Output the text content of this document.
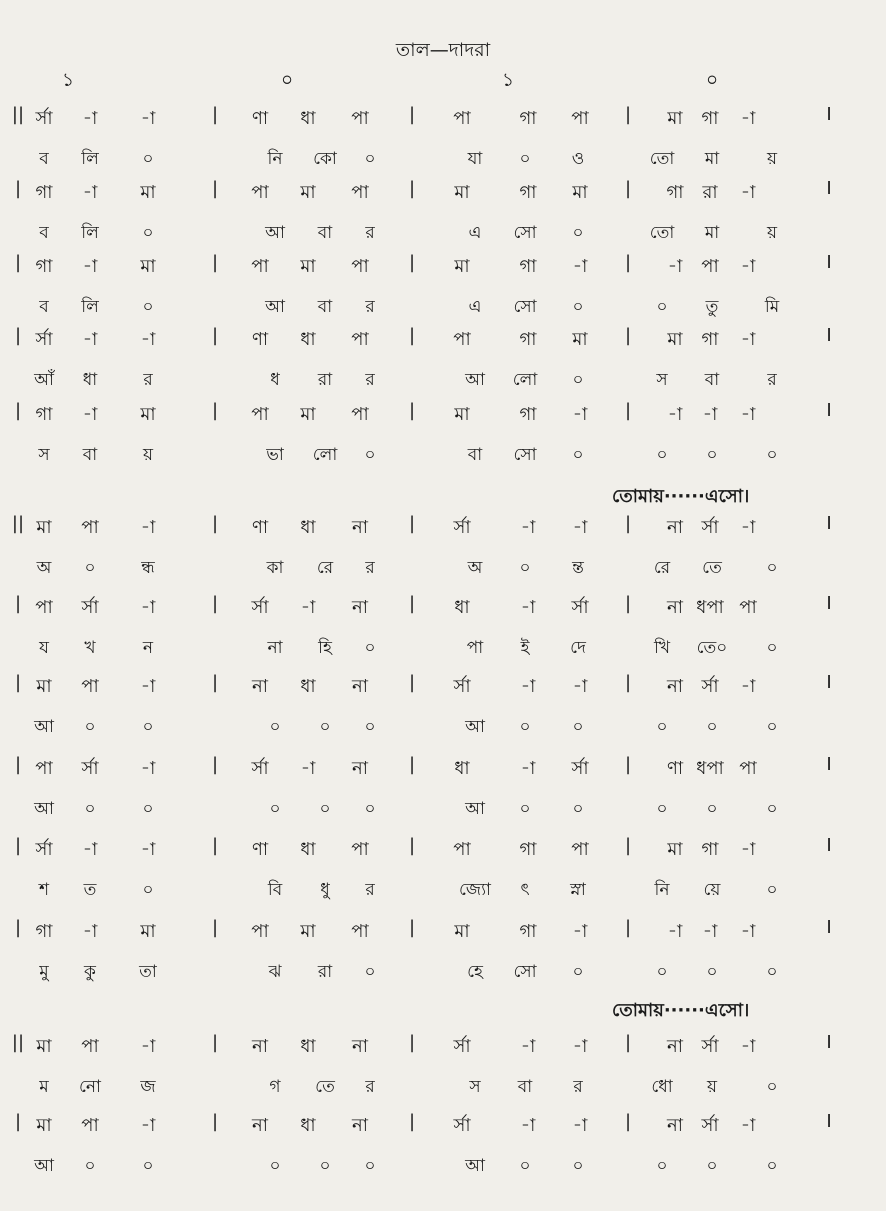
তাল—দাদরা
১	০	১	০
|| র্সা -া -া	| ণা ধা পা | পা	গা পা | মা গা -া	I
ব লি	০	নি কো ০	যা ০ ও	তো মা	য়
| গা -া মা	| পা মা পা | মা	গা মা | গা রা -া	I
ব লি	০	আ বা র	এ সো ০	তো মা	য়
| গা -া মা	| পা মা পা | মা	গা -া | -া পা -া	I
ব লি	০	আ বা র	এ সো ০	০ তু	মি
| র্সা -া -া	| ণা ধা পা | পা	গা মা | মা গা -া	I
আঁ ধা	র	ধ রা র	আ লো ০	স বা	র
| গা -া মা	| পা মা পা | মা	গা -া | -া -া -া	I
স বা	য়	ভা লো ০	বা সো ০	০ ০	০
|| মা পা -া	| ণা ধা না | র্সা	-া -া | না র্সা -া	I
অ ০	ন্ধ	কা রে র	অ ০ ন্ত	রে তে	০
| পা র্সা -া	| র্সা -া না | ধা	-া র্সা | না ধপা পা	I
য খ	ন	না হি ০	পা ই দে	খি তে০ ০
| মা পা -া	| না ধা না | র্সা	-া -া | না র্সা -া	I
আ ০	০	০ ০ ০	আ ০ ০	০ ০	০
| পা র্সা -া	| র্সা -া না | ধা	-া র্সা | ণা ধপা পা	I
আ ০	০	০ ০ ০	আ ০ ০	০ ০	০
| র্সা -া -া	| ণা ধা পা | পা	গা পা | মা গা -া	I
শ ত	০	বি ধু র	জ্যো ৎ স্না	নি য়ে	০
| গা -া মা	| পা মা পা | মা	গা -া | -া -া -া	I
মু কু	তা	ঝ রা ০	হে সো ০	০ ০	০
|| মা পা -া	| না ধা না | র্সা	-া -া | না র্সা -া	I
ম নো জ	গ তে র	স বা র	ধো য়	০
| মা পা -া	| না ধা না | র্সা	-া -া | না র্সা -া	I
আ ০	০	০ ০ ০	আ ০ ০	০ ০	০
তোমায়······এসো।
তোমায়······এসো।
